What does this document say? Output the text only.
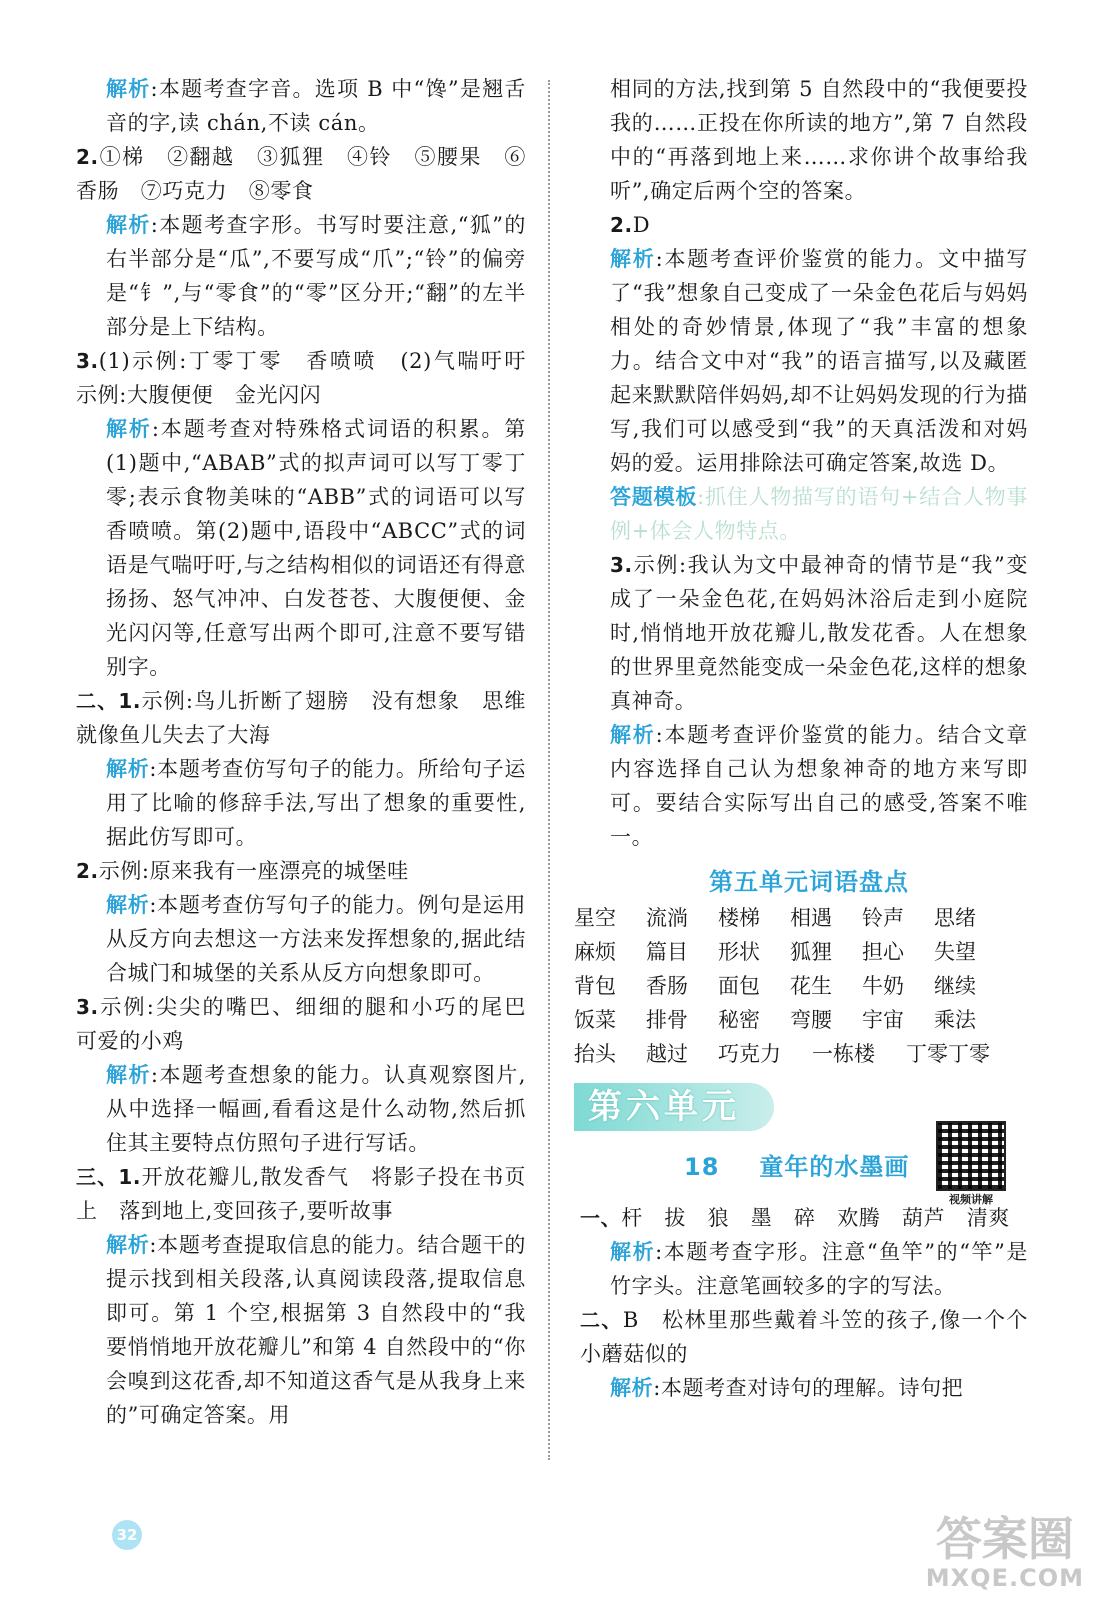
解析:本题考查字音。选项 B 中“馋”是翘舌音的字,读 chán,不读 cán。
2.①梯　②翻越　③狐狸　④铃　⑤腰果　⑥香肠　⑦巧克力　⑧零食
解析:本题考查字形。书写时要注意,“狐”的右半部分是“瓜”,不要写成“爪”;“铃”的偏旁是“钅”,与“零食”的“零”区分开;“翻”的左半部分是上下结构。
3.(1)示例:丁零丁零　香喷喷　(2)气喘吁吁　示例:大腹便便　金光闪闪
解析:本题考查对特殊格式词语的积累。第(1)题中,“ABAB”式的拟声词可以写丁零丁零;表示食物美味的“ABB”式的词语可以写香喷喷。第(2)题中,语段中“ABCC”式的词语是气喘吁吁,与之结构相似的词语还有得意扬扬、怒气冲冲、白发苍苍、大腹便便、金光闪闪等,任意写出两个即可,注意不要写错别字。
二、1.示例:鸟儿折断了翅膀　没有想象　思维就像鱼儿失去了大海
解析:本题考查仿写句子的能力。所给句子运用了比喻的修辞手法,写出了想象的重要性,据此仿写即可。
2.示例:原来我有一座漂亮的城堡哇
解析:本题考查仿写句子的能力。例句是运用从反方向去想这一方法来发挥想象的,据此结合城门和城堡的关系从反方向想象即可。
3.示例:尖尖的嘴巴、细细的腿和小巧的尾巴　可爱的小鸡
解析:本题考查想象的能力。认真观察图片,从中选择一幅画,看看这是什么动物,然后抓住其主要特点仿照句子进行写话。
三、1.开放花瓣儿,散发香气　将影子投在书页上　落到地上,变回孩子,要听故事
解析:本题考查提取信息的能力。结合题干的提示找到相关段落,认真阅读段落,提取信息即可。第 1 个空,根据第 3 自然段中的“我要悄悄地开放花瓣儿”和第 4 自然段中的“你会嗅到这花香,却不知道这香气是从我身上来的”可确定答案。用
相同的方法,找到第 5 自然段中的“我便要投我的……正投在你所读的地方”,第 7 自然段中的“再落到地上来……求你讲个故事给我听”,确定后两个空的答案。
2.D
解析:本题考查评价鉴赏的能力。文中描写了“我”想象自己变成了一朵金色花后与妈妈相处的奇妙情景,体现了“我”丰富的想象力。结合文中对“我”的语言描写,以及藏匿起来默默陪伴妈妈,却不让妈妈发现的行为描写,我们可以感受到“我”的天真活泼和对妈妈的爱。运用排除法可确定答案,故选 D。
答题模板:抓住人物描写的语句+结合人物事例+体会人物特点。
3.示例:我认为文中最神奇的情节是“我”变成了一朵金色花,在妈妈沐浴后走到小庭院时,悄悄地开放花瓣儿,散发花香。人在想象的世界里竟然能变成一朵金色花,这样的想象真神奇。
解析:本题考查评价鉴赏的能力。结合文章内容选择自己认为想象神奇的地方来写即可。要结合实际写出自己的感受,答案不唯一。
第五单元词语盘点
星空	流淌	楼梯	相遇	铃声	思绪
麻烦	篇目	形状	狐狸	担心	失望
背包	香肠	面包	花生	牛奶	继续
饭菜	排骨	秘密	弯腰	宇宙	乘法
抬头	越过	巧克力	一栋楼	丁零丁零
第六单元
18 童年的水墨画
视频讲解
一、杆　拔　狼　墨　碎　欢腾　葫芦　清爽
解析:本题考查字形。注意“鱼竿”的“竿”是竹字头。注意笔画较多的字的写法。
二、B　松林里那些戴着斗笠的孩子,像一个个小蘑菇似的
解析:本题考查对诗句的理解。诗句把
32	答案圈
MXQE.COM
